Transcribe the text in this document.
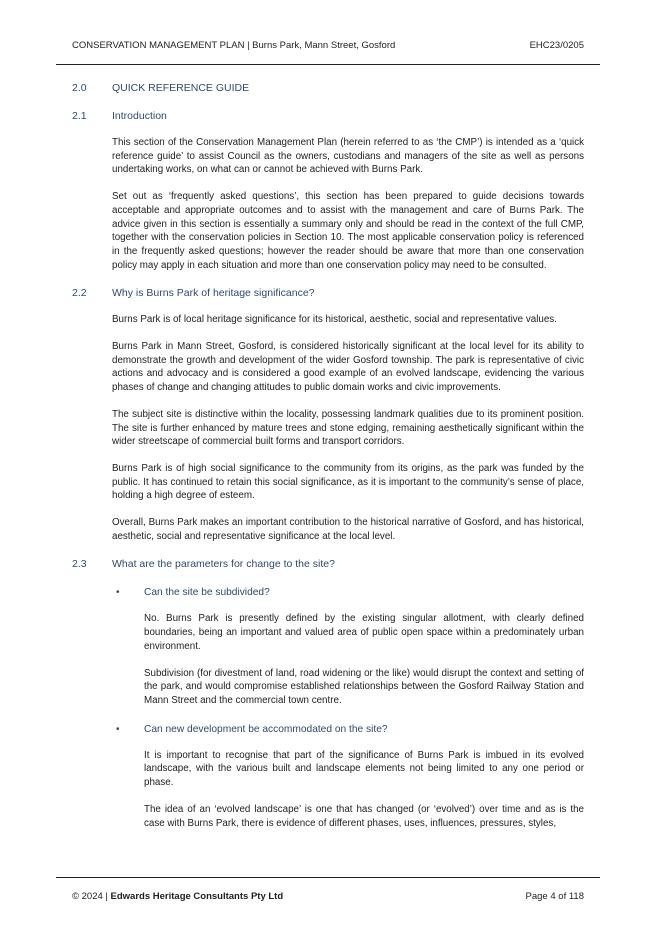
CONSERVATION MANAGEMENT PLAN | Burns Park, Mann Street, Gosford	EHC23/0205
2.0	QUICK REFERENCE GUIDE
2.1	Introduction

This section of the Conservation Management Plan (herein referred to as ‘the CMP’) is intended as a ‘quick reference guide’ to assist Council as the owners, custodians and managers of the site as well as persons undertaking works, on what can or cannot be achieved with Burns Park.

Set out as ‘frequently asked questions’, this section has been prepared to guide decisions towards acceptable and appropriate outcomes and to assist with the management and care of Burns Park. The advice given in this section is essentially a summary only and should be read in the context of the full CMP, together with the conservation policies in Section 10. The most applicable conservation policy is referenced in the frequently asked questions; however the reader should be aware that more than one conservation policy may apply in each situation and more than one conservation policy may need to be consulted.

2.2	Why is Burns Park of heritage significance?

Burns Park is of local heritage significance for its historical, aesthetic, social and representative values.

Burns Park in Mann Street, Gosford, is considered historically significant at the local level for its ability to demonstrate the growth and development of the wider Gosford township. The park is representative of civic actions and advocacy and is considered a good example of an evolved landscape, evidencing the various phases of change and changing attitudes to public domain works and civic improvements.

The subject site is distinctive within the locality, possessing landmark qualities due to its prominent position. The site is further enhanced by mature trees and stone edging, remaining aesthetically significant within the wider streetscape of commercial built forms and transport corridors.

Burns Park is of high social significance to the community from its origins, as the park was funded by the public. It has continued to retain this social significance, as it is important to the community’s sense of place, holding a high degree of esteem.

Overall, Burns Park makes an important contribution to the historical narrative of Gosford, and has historical, aesthetic, social and representative significance at the local level.

2.3	What are the parameters for change to the site?
•	Can the site be subdivided?

No. Burns Park is presently defined by the existing singular allotment, with clearly defined boundaries, being an important and valued area of public open space within a predominately urban environment.

Subdivision (for divestment of land, road widening or the like) would disrupt the context and setting of the park, and would compromise established relationships between the Gosford Railway Station and Mann Street and the commercial town centre.

•	Can new development be accommodated on the site?

It is important to recognise that part of the significance of Burns Park is imbued in its evolved landscape, with the various built and landscape elements not being limited to any one period or phase.

The idea of an ‘evolved landscape’ is one that has changed (or ‘evolved’) over time and as is the case with Burns Park, there is evidence of different phases, uses, influences, pressures, styles,

© 2024 | Edwards Heritage Consultants Pty Ltd	Page 4 of 118
